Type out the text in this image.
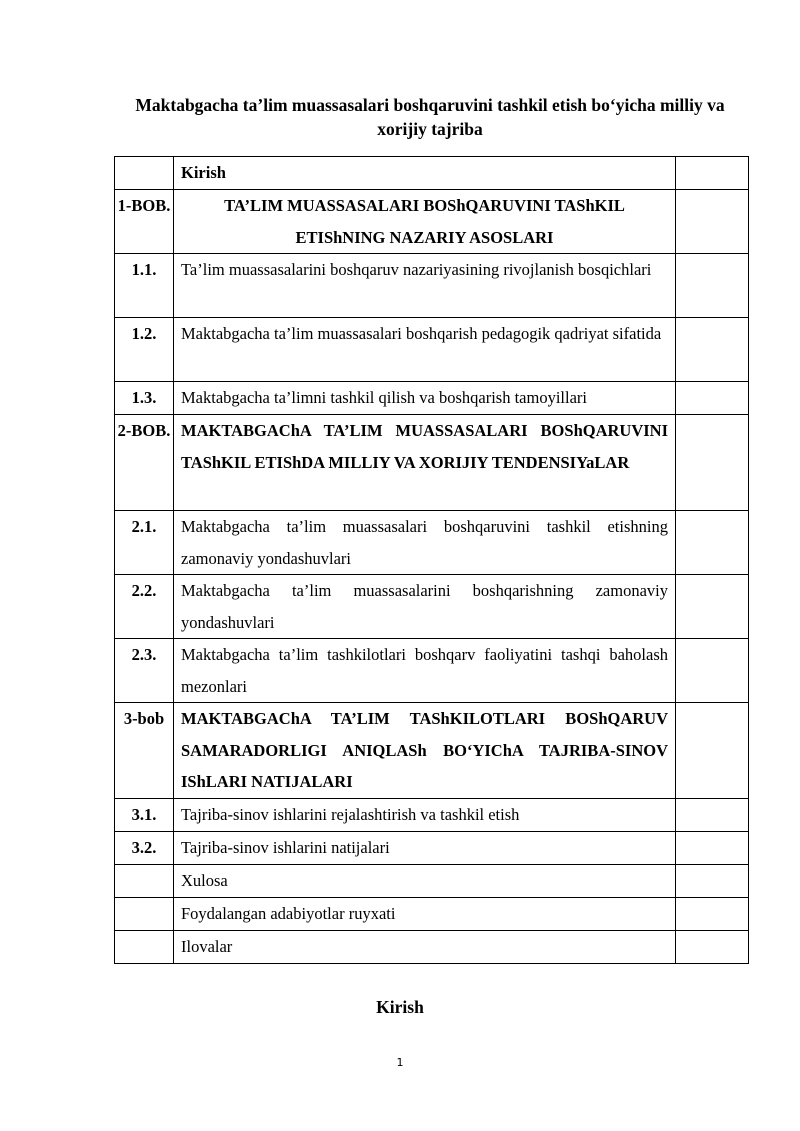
Maktabgacha ta’lim muassasalari boshqaruvini tashkil etish bo‘yicha milliy va xorijiy tajriba
	Kirish	
1-BOB.	TA’LIM MUASSASALARI BOShQARUVINI TAShKIL ETIShNING NAZARIY ASOSLARI	
1.1.	Ta’lim muassasalarini boshqaruv nazariyasining rivojlanish bosqichlari	
1.2.	Maktabgacha ta’lim muassasalari boshqarish pedagogik qadriyat sifatida	
1.3.	Maktabgacha ta’limni tashkil qilish va boshqarish tamoyillari	
2-BOB.	MAKTABGAChA TA’LIM MUASSASALARI BOShQARUVINI TAShKIL ETIShDA MILLIY VA XORIJIY TENDENSIYaLAR	
2.1.	Maktabgacha ta’lim muassasalari boshqaruvini tashkil etishning zamonaviy yondashuvlari	
2.2.	Maktabgacha ta’lim muassasalarini boshqarishning zamonaviy yondashuvlari	
2.3.	Maktabgacha ta’lim tashkilotlari boshqarv faoliyatini tashqi baholash mezonlari	
3-bob	MAKTABGAChA TA’LIM TAShKILOTLARI BOShQARUV SAMARADORLIGI ANIQLASh BO‘YIChA TAJRIBA-SINOV IShLARI NATIJALARI	
3.1.	Tajriba-sinov ishlarini rejalashtirish va tashkil etish	
3.2.	Tajriba-sinov ishlarini natijalari	
	Xulosa	
	Foydalangan adabiyotlar ruyxati	
	Ilovalar	
Kirish
1
